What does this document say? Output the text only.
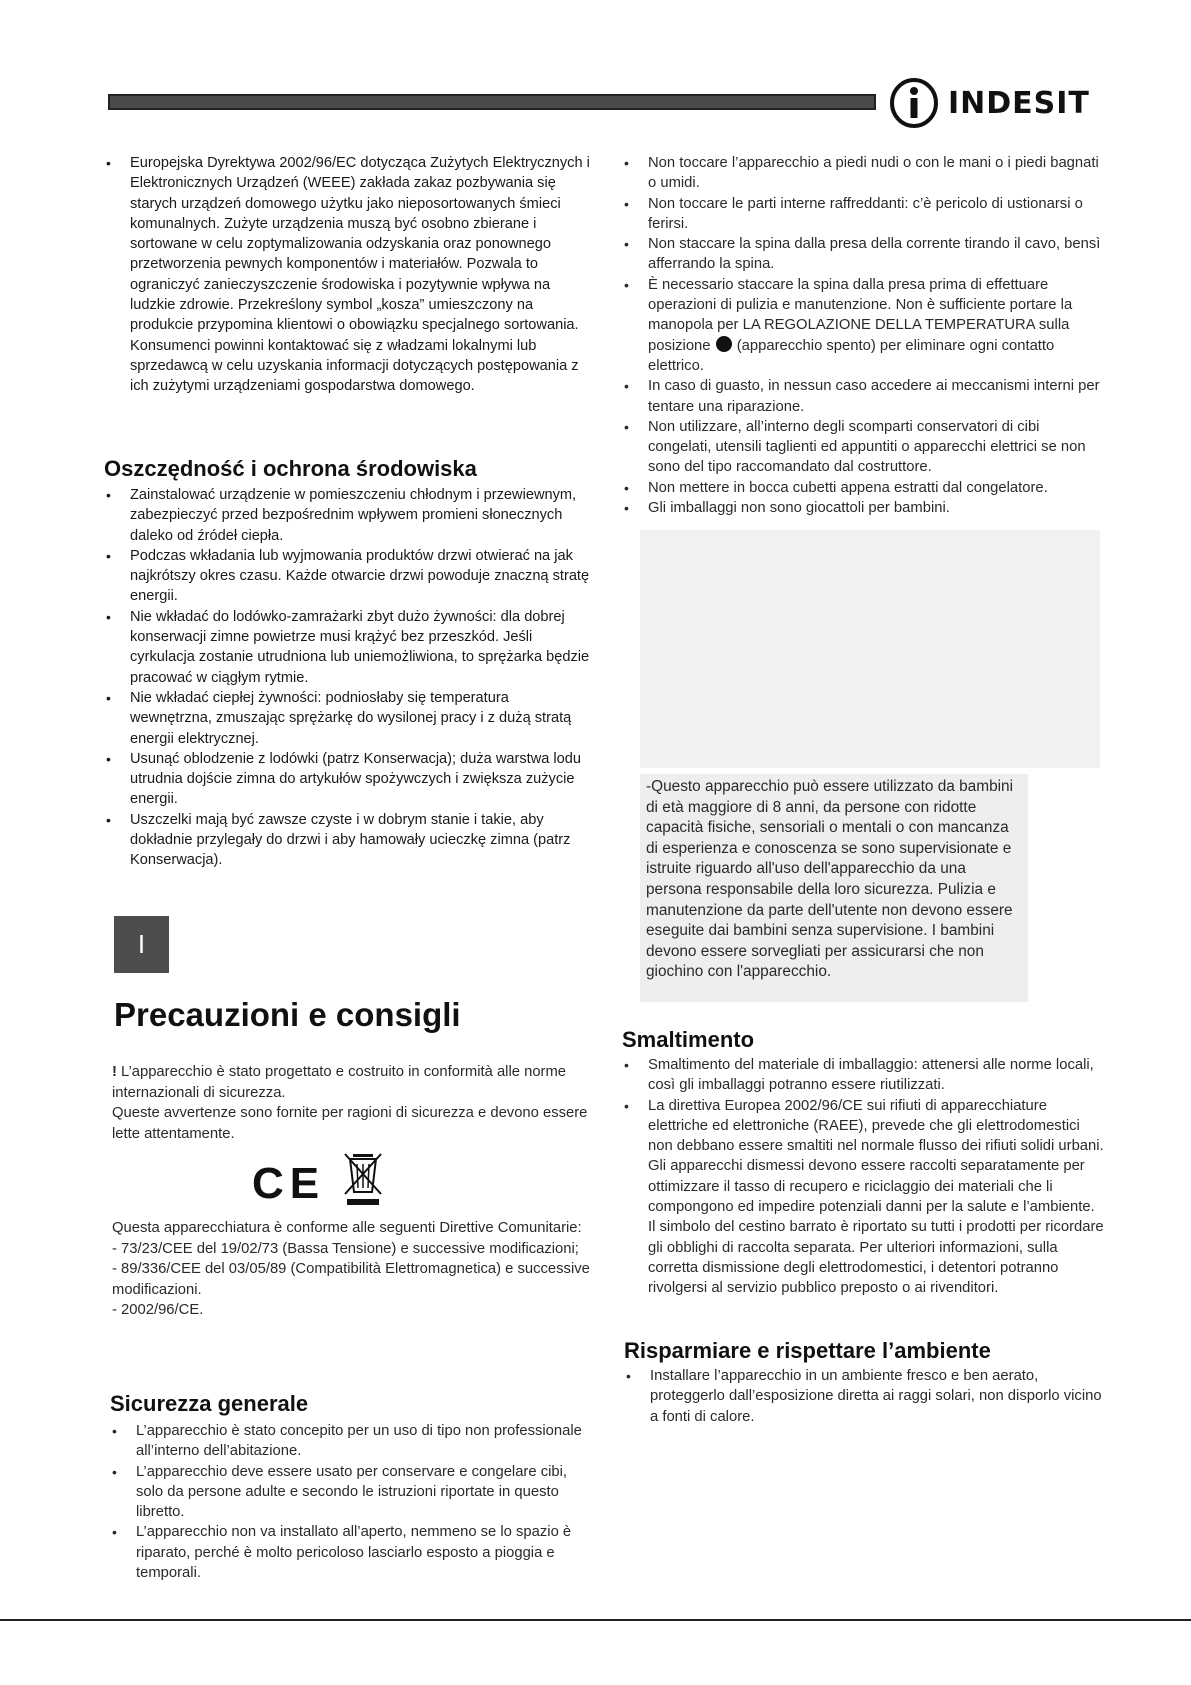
INDESIT
• Europejska Dyrektywa 2002/96/EC dotycząca Zużytych Elektrycznych i Elektronicznych Urządzeń (WEEE) zakłada zakaz pozbywania się starych urządzeń domowego użytku jako nieposortowanych śmieci komunalnych. Zużyte urządzenia muszą być osobno zbierane i sortowane w celu zoptymalizowania odzyskania oraz ponownego przetworzenia pewnych komponentów i materiałów. Pozwala to ograniczyć zanieczyszczenie środowiska i pozytywnie wpływa na ludzkie zdrowie. Przekreślony symbol „kosza” umieszczony na produkcie przypomina klientowi o obowiązku specjalnego sortowania. Konsumenci powinni kontaktować się z władzami lokalnymi lub sprzedawcą w celu uzyskania informacji dotyczących postępowania z ich zużytymi urządzeniami gospodarstwa domowego.
Oszczędność i ochrona środowiska
• Zainstalować urządzenie w pomieszczeniu chłodnym i przewiewnym, zabezpieczyć przed bezpośrednim wpływem promieni słonecznych daleko od źródeł ciepła.
• Podczas wkładania lub wyjmowania produktów drzwi otwierać na jak najkrótszy okres czasu. Każde otwarcie drzwi powoduje znaczną stratę energii.
• Nie wkładać do lodówko-zamrażarki zbyt dużo żywności: dla dobrej konserwacji zimne powietrze musi krążyć bez przeszkód. Jeśli cyrkulacja zostanie utrudniona lub uniemożliwiona, to sprężarka będzie pracować w ciągłym rytmie.
• Nie wkładać ciepłej żywności: podniosłaby się temperatura wewnętrzna, zmuszając sprężarkę do wysilonej pracy i z dużą stratą energii elektrycznej.
• Usunąć oblodzenie z lodówki (patrz Konserwacja); duża warstwa lodu utrudnia dojście zimna do artykułów spożywczych i zwiększa zużycie energii.
• Uszczelki mają być zawsze czyste i w dobrym stanie i takie, aby dokładnie przylegały do drzwi i aby hamowały ucieczkę zimna (patrz Konserwacja).
I
Precauzioni e consigli

! L’apparecchio è stato progettato e costruito in conformità alle norme internazionali di sicurezza.

Queste avvertenze sono fornite per ragioni di sicurezza e devono essere lette attentamente.

CE

Questa apparecchiatura è conforme alle seguenti Direttive Comunitarie:

- 73/23/CEE del 19/02/73 (Bassa Tensione) e successive modificazioni;

- 89/336/CEE del 03/05/89 (Compatibilità Elettromagnetica) e successive modificazioni.

- 2002/96/CE.

Sicurezza generale
• L’apparecchio è stato concepito per un uso di tipo non professionale all’interno dell’abitazione.
• L’apparecchio deve essere usato per conservare e congelare cibi, solo da persone adulte e secondo le istruzioni riportate in questo libretto.
• L’apparecchio non va installato all’aperto, nemmeno se lo spazio è riparato, perché è molto pericoloso lasciarlo esposto a pioggia e temporali.
• Non toccare l’apparecchio a piedi nudi o con le mani o i piedi bagnati o umidi.
• Non toccare le parti interne raffreddanti: c’è pericolo di ustionarsi o ferirsi.
• Non staccare la spina dalla presa della corrente tirando il cavo, bensì afferrando la spina.
• È necessario staccare la spina dalla presa prima di effettuare operazioni di pulizia e manutenzione. Non è sufficiente portare la manopola per LA REGOLAZIONE DELLA TEMPERATURA sulla posizione  (apparecchio spento) per eliminare ogni contatto elettrico.
• In caso di guasto, in nessun caso accedere ai meccanismi interni per tentare una riparazione.
• Non utilizzare, all’interno degli scomparti conservatori di cibi congelati, utensili taglienti ed appuntiti o apparecchi elettrici se non sono del tipo raccomandato dal costruttore.
• Non mettere in bocca cubetti appena estratti dal congelatore.
• Gli imballaggi non sono giocattoli per bambini.
-Questo apparecchio può essere utilizzato da bambini di età maggiore di 8 anni, da persone con ridotte capacità fisiche, sensoriali o mentali o con mancanza di esperienza e conoscenza se sono supervisionate e istruite riguardo all'uso dell'apparecchio da una persona responsabile della loro sicurezza. Pulizia e manutenzione da parte dell'utente non devono essere eseguite dai bambini senza supervisione. I bambini devono essere sorvegliati per assicurarsi che non giochino con l'apparecchio.
Smaltimento
• Smaltimento del materiale di imballaggio: attenersi alle norme locali, così gli imballaggi potranno essere riutilizzati.
• La direttiva Europea 2002/96/CE sui rifiuti di apparecchiature elettriche ed elettroniche (RAEE), prevede che gli elettrodomestici non debbano essere smaltiti nel normale flusso dei rifiuti solidi urbani. Gli apparecchi dismessi devono essere raccolti separatamente per ottimizzare il tasso di recupero e riciclaggio dei materiali che li compongono ed impedire potenziali danni per la salute e l’ambiente. Il simbolo del cestino barrato è riportato su tutti i prodotti per ricordare gli obblighi di raccolta separata. Per ulteriori informazioni, sulla corretta dismissione degli elettrodomestici, i detentori potranno rivolgersi al servizio pubblico preposto o ai rivenditori.
Risparmiare e rispettare l’ambiente
• Installare l’apparecchio in un ambiente fresco e ben aerato, proteggerlo dall’esposizione diretta ai raggi solari, non disporlo vicino a fonti di calore.
